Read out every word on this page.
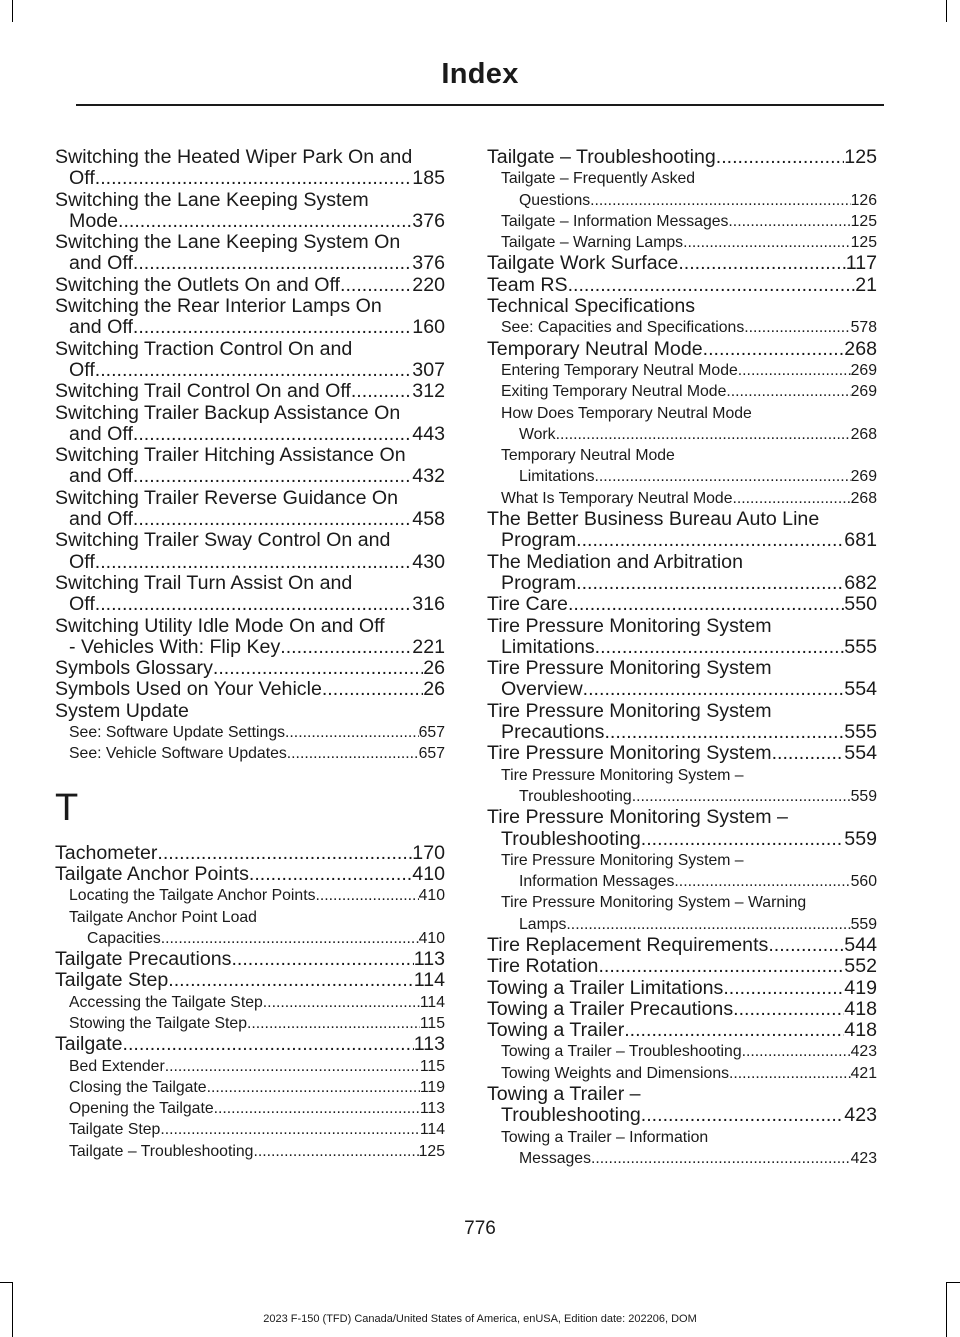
Index
Switching the Heated Wiper Park On and
Off .....	185
Switching the Lane Keeping System
Mode .....	376
Switching the Lane Keeping System On
and Off .....	376
Switching the Outlets On and Off .....	220
Switching the Rear Interior Lamps On
and Off .....	160
Switching Traction Control On and
Off .....	307
Switching Trail Control On and Off .....	312
Switching Trailer Backup Assistance On
and Off .....	443
Switching Trailer Hitching Assistance On
and Off .....	432
Switching Trailer Reverse Guidance On
and Off .....	458
Switching Trailer Sway Control On and
Off .....	430
Switching Trail Turn Assist On and
Off .....	316
Switching Utility Idle Mode On and Off
- Vehicles With: Flip Key .....	221
Symbols Glossary .....	26
Symbols Used on Your Vehicle .....	26
System Update
See: Software Update Settings .....	657
See: Vehicle Software Updates .....	657
T
Tachometer .....	170
Tailgate Anchor Points .....	410
Locating the Tailgate Anchor Points .....	410
Tailgate Anchor Point Load
Capacities .....	410
Tailgate Precautions .....	113
Tailgate Step .....	114
Accessing the Tailgate Step .....	114
Stowing the Tailgate Step .....	115
Tailgate .....	113
Bed Extender .....	115
Closing the Tailgate .....	119
Opening the Tailgate .....	113
Tailgate Step .....	114
Tailgate – Troubleshooting .....	125
Tailgate – Troubleshooting .....	125
Tailgate – Frequently Asked
Questions .....	126
Tailgate – Information Messages .....	125
Tailgate – Warning Lamps .....	125
Tailgate Work Surface .....	117
Team RS .....	21
Technical Specifications
See: Capacities and Specifications .....	578
Temporary Neutral Mode .....	268
Entering Temporary Neutral Mode .....	269
Exiting Temporary Neutral Mode .....	269
How Does Temporary Neutral Mode
Work .....	268
Temporary Neutral Mode
Limitations .....	269
What Is Temporary Neutral Mode .....	268
The Better Business Bureau Auto Line
Program .....	681
The Mediation and Arbitration
Program .....	682
Tire Care .....	550
Tire Pressure Monitoring System
Limitations .....	555
Tire Pressure Monitoring System
Overview .....	554
Tire Pressure Monitoring System
Precautions .....	555
Tire Pressure Monitoring System .....	554
Tire Pressure Monitoring System –
Troubleshooting .....	559
Tire Pressure Monitoring System –
Troubleshooting .....	559
Tire Pressure Monitoring System –
Information Messages .....	560
Tire Pressure Monitoring System – Warning
Lamps .....	559
Tire Replacement Requirements .....	544
Tire Rotation .....	552
Towing a Trailer Limitations .....	419
Towing a Trailer Precautions .....	418
Towing a Trailer .....	418
Towing a Trailer – Troubleshooting .....	423
Towing Weights and Dimensions .....	421
Towing a Trailer –
Troubleshooting .....	423
Towing a Trailer – Information
Messages .....	423
776
2023 F-150 (TFD) Canada/United States of America, enUSA, Edition date: 202206, DOM
